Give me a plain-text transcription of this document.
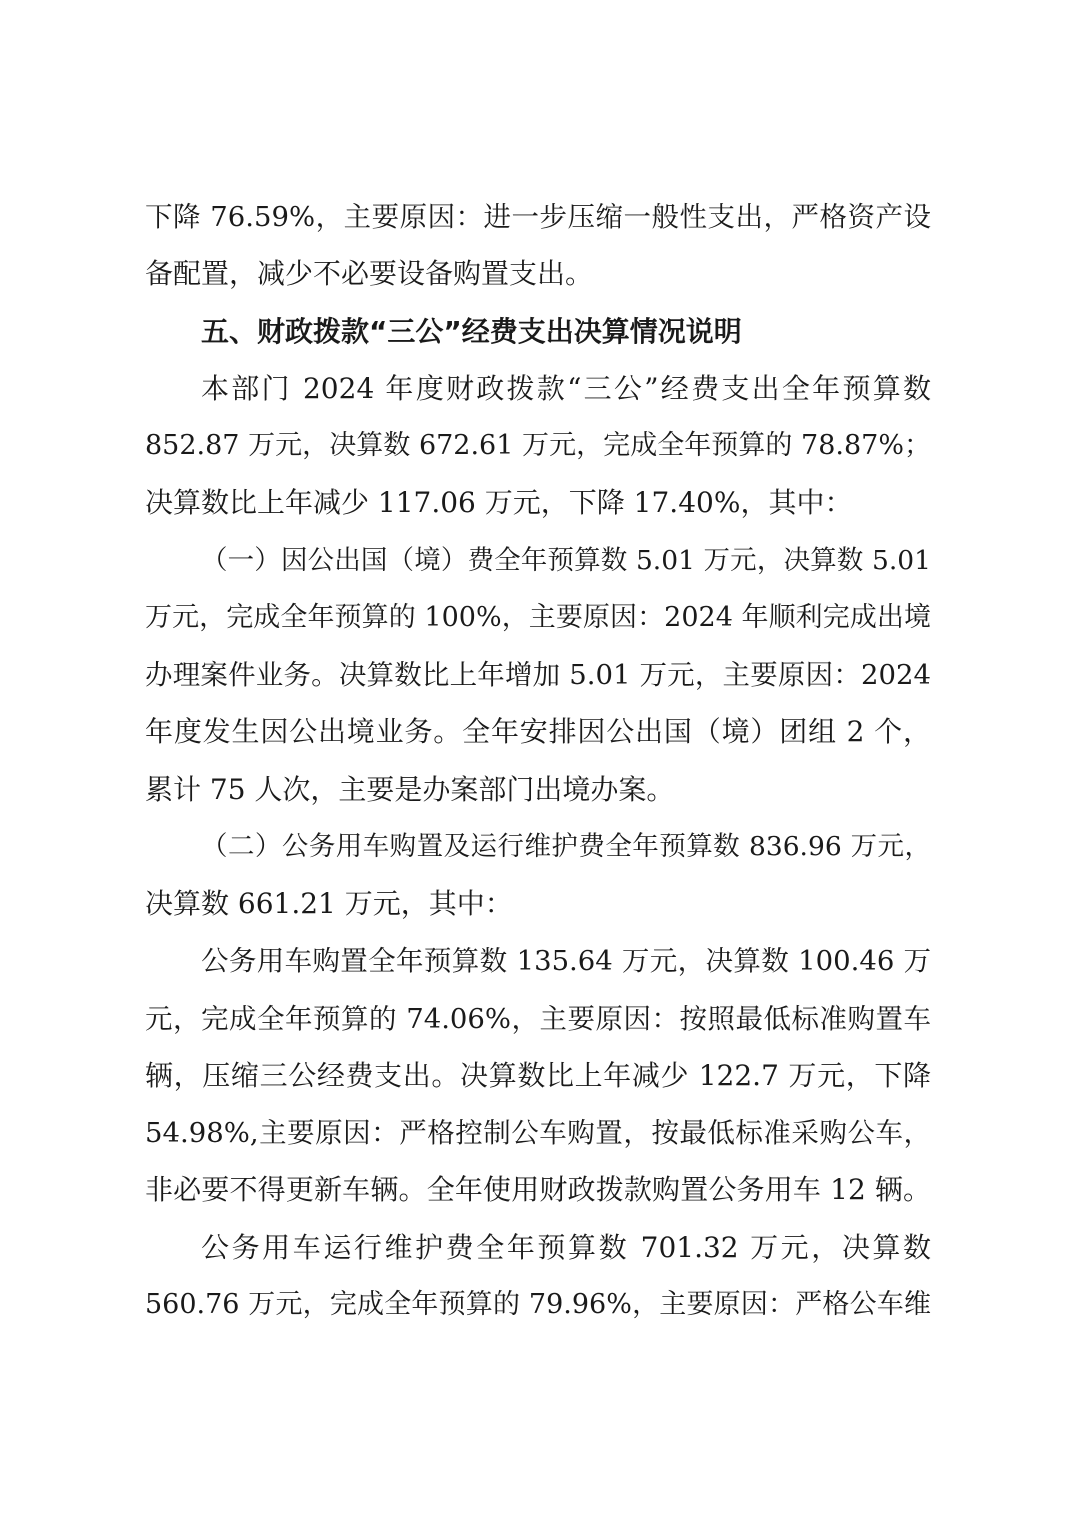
下降 76.59%，主要原因：进一步压缩一般性支出，严格资产设
备配置，减少不必要设备购置支出。
五、财政拨款“三公”经费支出决算情况说明
本部门 2024 年度财政拨款“三公”经费支出全年预算数
852.87 万元，决算数 672.61 万元，完成全年预算的 78.87%；
决算数比上年减少 117.06 万元，下降 17.40%，其中：
（一）因公出国（境）费全年预算数 5.01 万元，决算数 5.01
万元，完成全年预算的 100%，主要原因：2024 年顺利完成出境
办理案件业务。决算数比上年增加 5.01 万元，主要原因：2024
年度发生因公出境业务。全年安排因公出国（境）团组 2 个，
累计 75 人次，主要是办案部门出境办案。
（二）公务用车购置及运行维护费全年预算数 836.96 万元，
决算数 661.21 万元，其中：
公务用车购置全年预算数 135.64 万元，决算数 100.46 万
元，完成全年预算的 74.06%，主要原因：按照最低标准购置车
辆，压缩三公经费支出。决算数比上年减少 122.7 万元，下降
54.98%,主要原因：严格控制公车购置，按最低标准采购公车，
非必要不得更新车辆。全年使用财政拨款购置公务用车 12 辆。
公务用车运行维护费全年预算数 701.32 万元，决算数
560.76 万元，完成全年预算的 79.96%，主要原因：严格公车维
